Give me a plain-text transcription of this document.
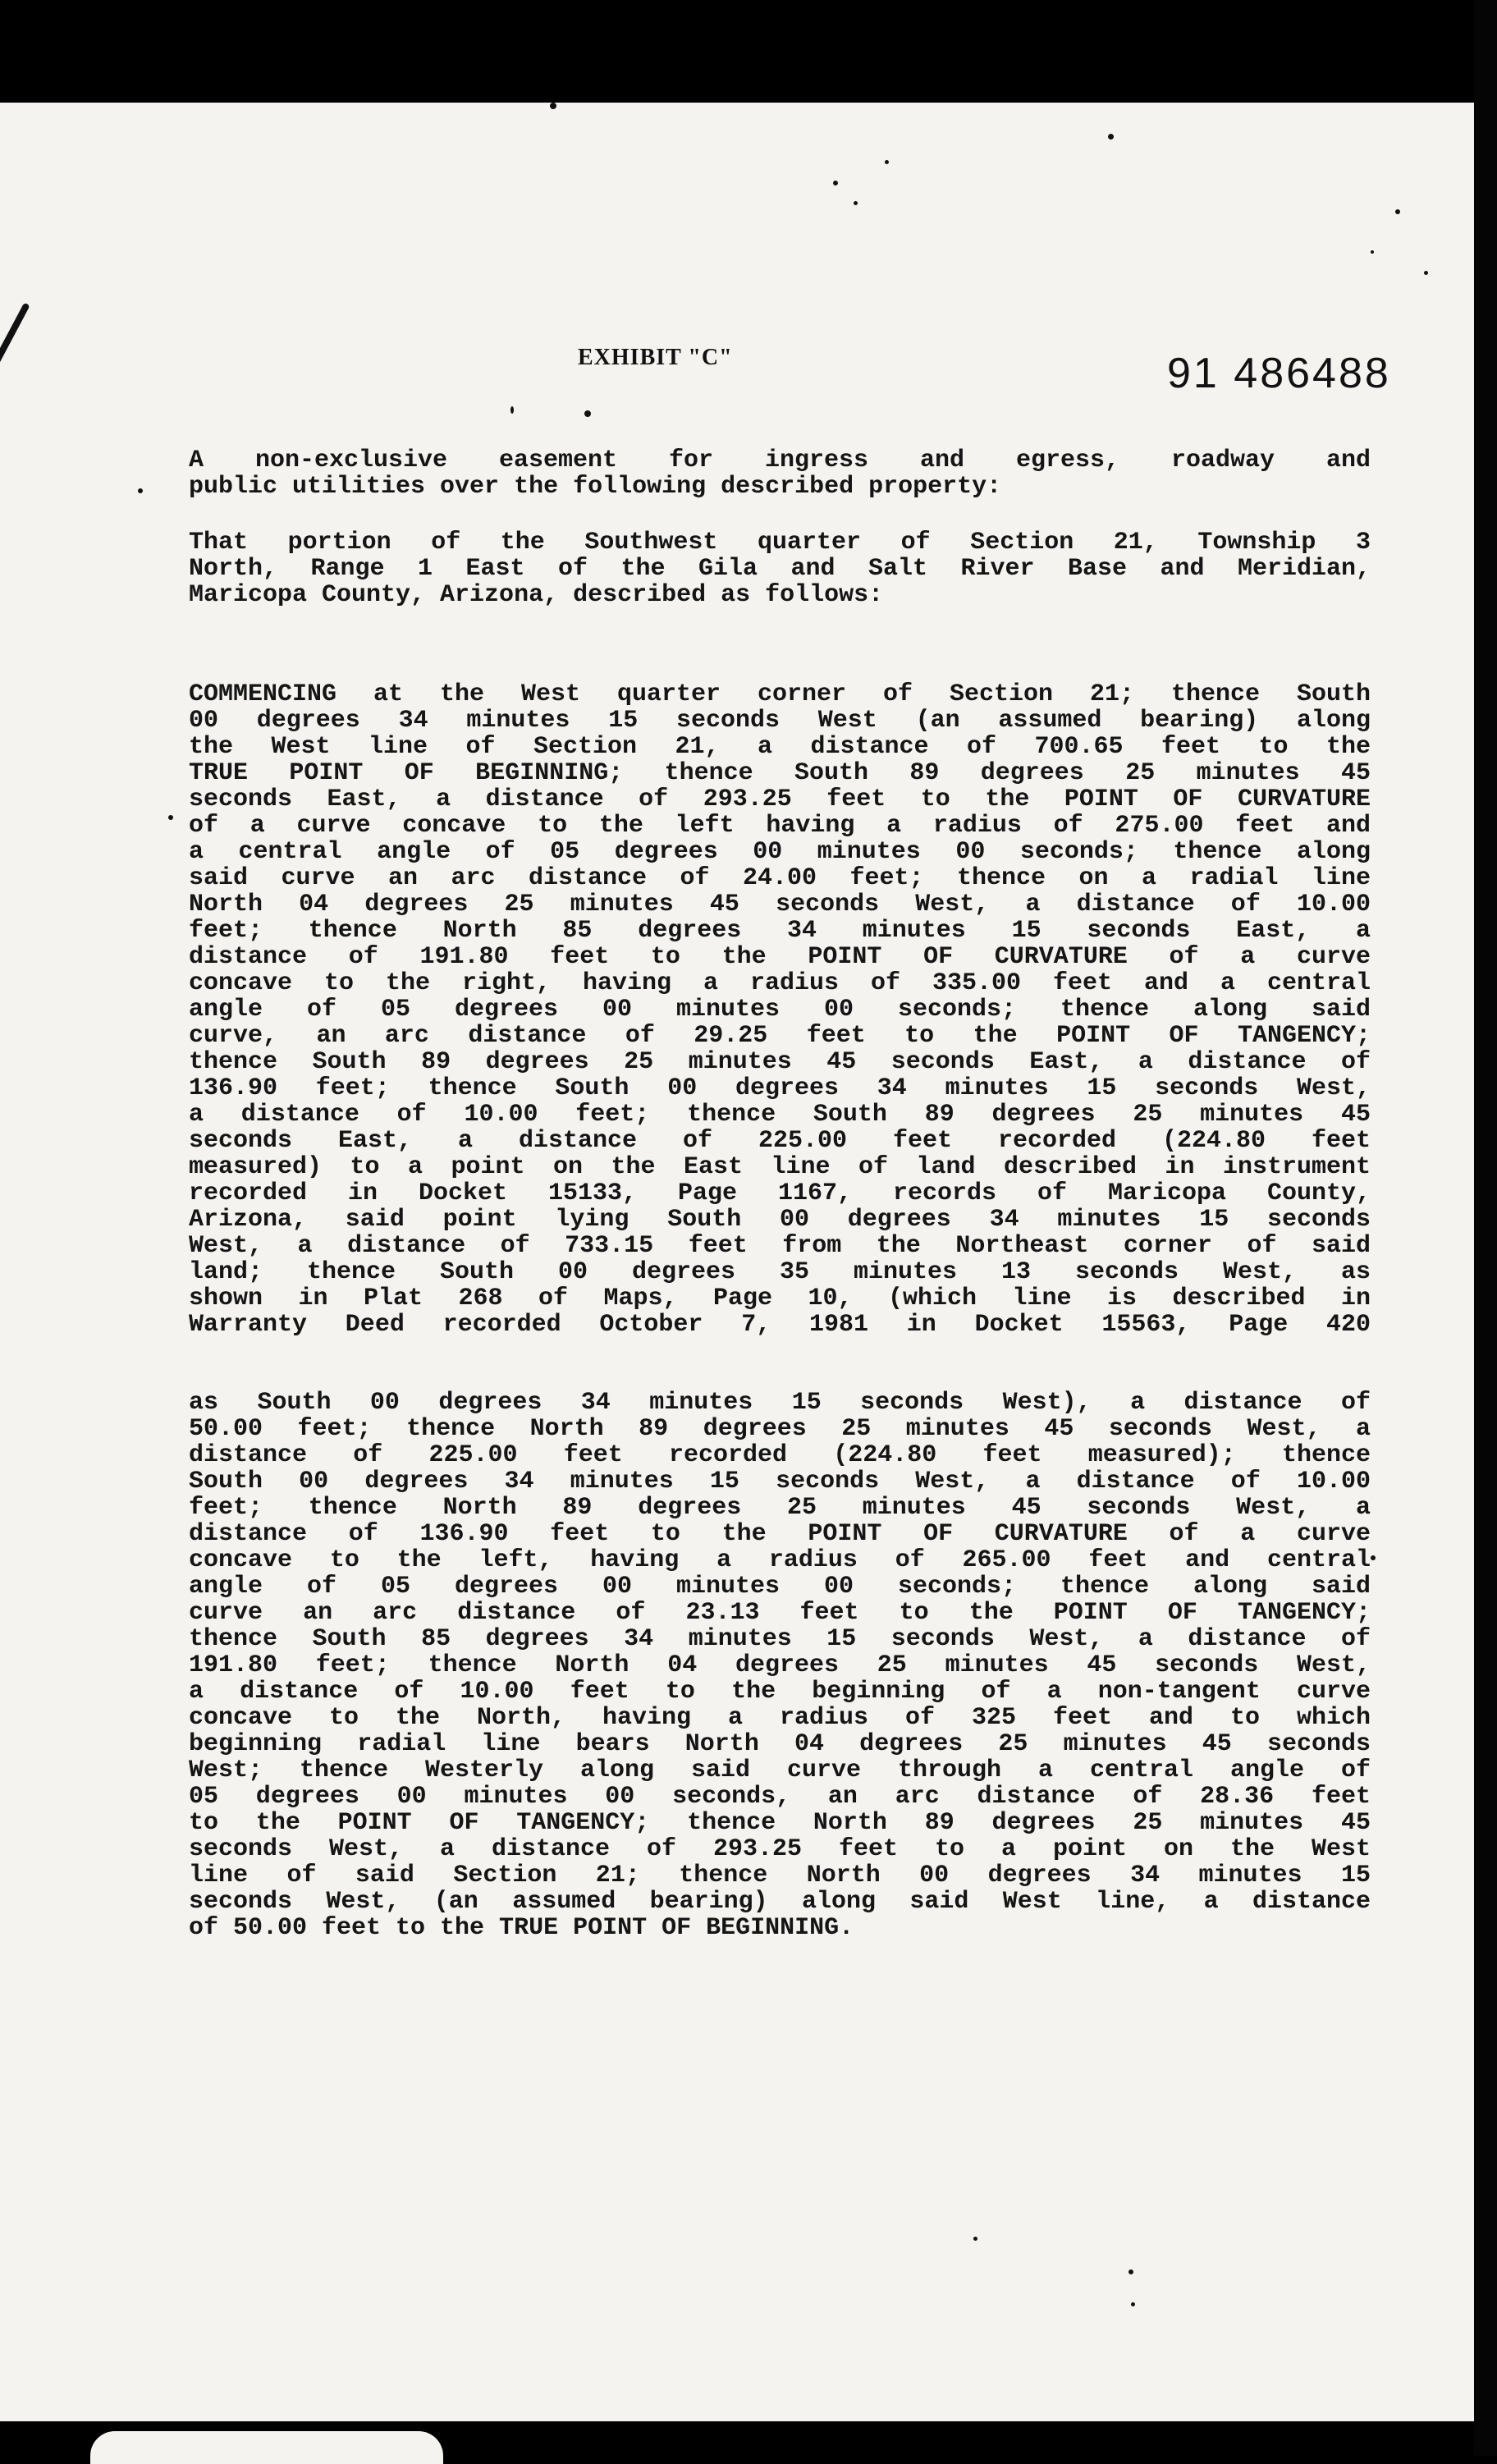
EXHIBIT "C"	91 486488
A non-exclusive easement for ingress and egress, roadway and
public utilities over the following described property:
That portion of the Southwest quarter of Section 21, Township 3
North, Range 1 East of the Gila and Salt River Base and Meridian,
Maricopa County, Arizona, described as follows:
COMMENCING at the West quarter corner of Section 21; thence South
00 degrees 34 minutes 15 seconds West (an assumed bearing) along
the West line of Section 21, a distance of 700.65 feet to the
TRUE POINT OF BEGINNING; thence South 89 degrees 25 minutes 45
seconds East, a distance of 293.25 feet to the POINT OF CURVATURE
of a curve concave to the left having a radius of 275.00 feet and
a central angle of 05 degrees 00 minutes 00 seconds; thence along
said curve an arc distance of 24.00 feet; thence on a radial line
North 04 degrees 25 minutes 45 seconds West, a distance of 10.00
feet; thence North 85 degrees 34 minutes 15 seconds East, a
distance of 191.80 feet to the POINT OF CURVATURE of a curve
concave to the right, having a radius of 335.00 feet and a central
angle of 05 degrees 00 minutes 00 seconds; thence along said
curve, an arc distance of 29.25 feet to the POINT OF TANGENCY;
thence South 89 degrees 25 minutes 45 seconds East, a distance of
136.90 feet; thence South 00 degrees 34 minutes 15 seconds West,
a distance of 10.00 feet; thence South 89 degrees 25 minutes 45
seconds East, a distance of 225.00 feet recorded (224.80 feet
measured) to a point on the East line of land described in instrument
recorded in Docket 15133, Page 1167, records of Maricopa County,
Arizona, said point lying South 00 degrees 34 minutes 15 seconds
West, a distance of 733.15 feet from the Northeast corner of said
land; thence South 00 degrees 35 minutes 13 seconds West, as
shown in Plat 268 of Maps, Page 10, (which line is described in
Warranty Deed recorded October 7, 1981 in Docket 15563, Page 420
as South 00 degrees 34 minutes 15 seconds West), a distance of
50.00 feet; thence North 89 degrees 25 minutes 45 seconds West, a
distance of 225.00 feet recorded (224.80 feet measured); thence
South 00 degrees 34 minutes 15 seconds West, a distance of 10.00
feet; thence North 89 degrees 25 minutes 45 seconds West, a
distance of 136.90 feet to the POINT OF CURVATURE of a curve
concave to the left, having a radius of 265.00 feet and central
angle of 05 degrees 00 minutes 00 seconds; thence along said
curve an arc distance of 23.13 feet to the POINT OF TANGENCY;
thence South 85 degrees 34 minutes 15 seconds West, a distance of
191.80 feet; thence North 04 degrees 25 minutes 45 seconds West,
a distance of 10.00 feet to the beginning of a non-tangent curve
concave to the North, having a radius of 325 feet and to which
beginning radial line bears North 04 degrees 25 minutes 45 seconds
West; thence Westerly along said curve through a central angle of
05 degrees 00 minutes 00 seconds, an arc distance of 28.36 feet
to the POINT OF TANGENCY; thence North 89 degrees 25 minutes 45
seconds West, a distance of 293.25 feet to a point on the West
line of said Section 21; thence North 00 degrees 34 minutes 15
seconds West, (an assumed bearing) along said West line, a distance
of 50.00 feet to the TRUE POINT OF BEGINNING.
